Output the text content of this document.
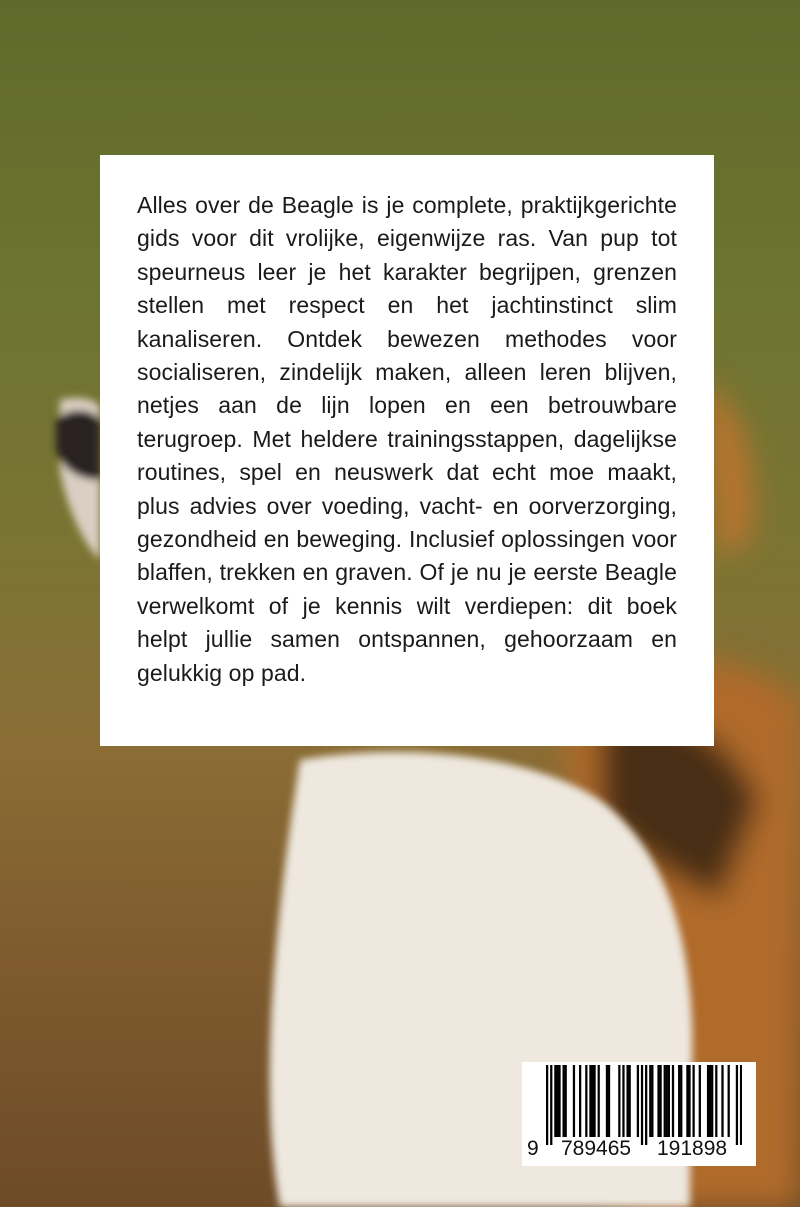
Alles over de Beagle is je complete, praktijkgerichte gids voor dit vrolijke, eigenwijze ras. Van pup tot speurneus leer je het karakter begrijpen, grenzen stellen met respect en het jachtinstinct slim kanaliseren. Ontdek bewezen methodes voor socialiseren, zindelijk maken, alleen leren blijven, netjes aan de lijn lopen en een betrouwbare terugroep. Met heldere trainingsstappen, dagelijkse routines, spel en neuswerk dat echt moe maakt, plus advies over voeding, vacht- en oorverzorging, gezondheid en beweging. Inclusief oplossingen voor blaffen, trekken en graven. Of je nu je eerste Beagle verwelkomt of je kennis wilt verdiepen: dit boek helpt jullie samen ontspannen, gehoorzaam en gelukkig op pad.

9 789465 191898
